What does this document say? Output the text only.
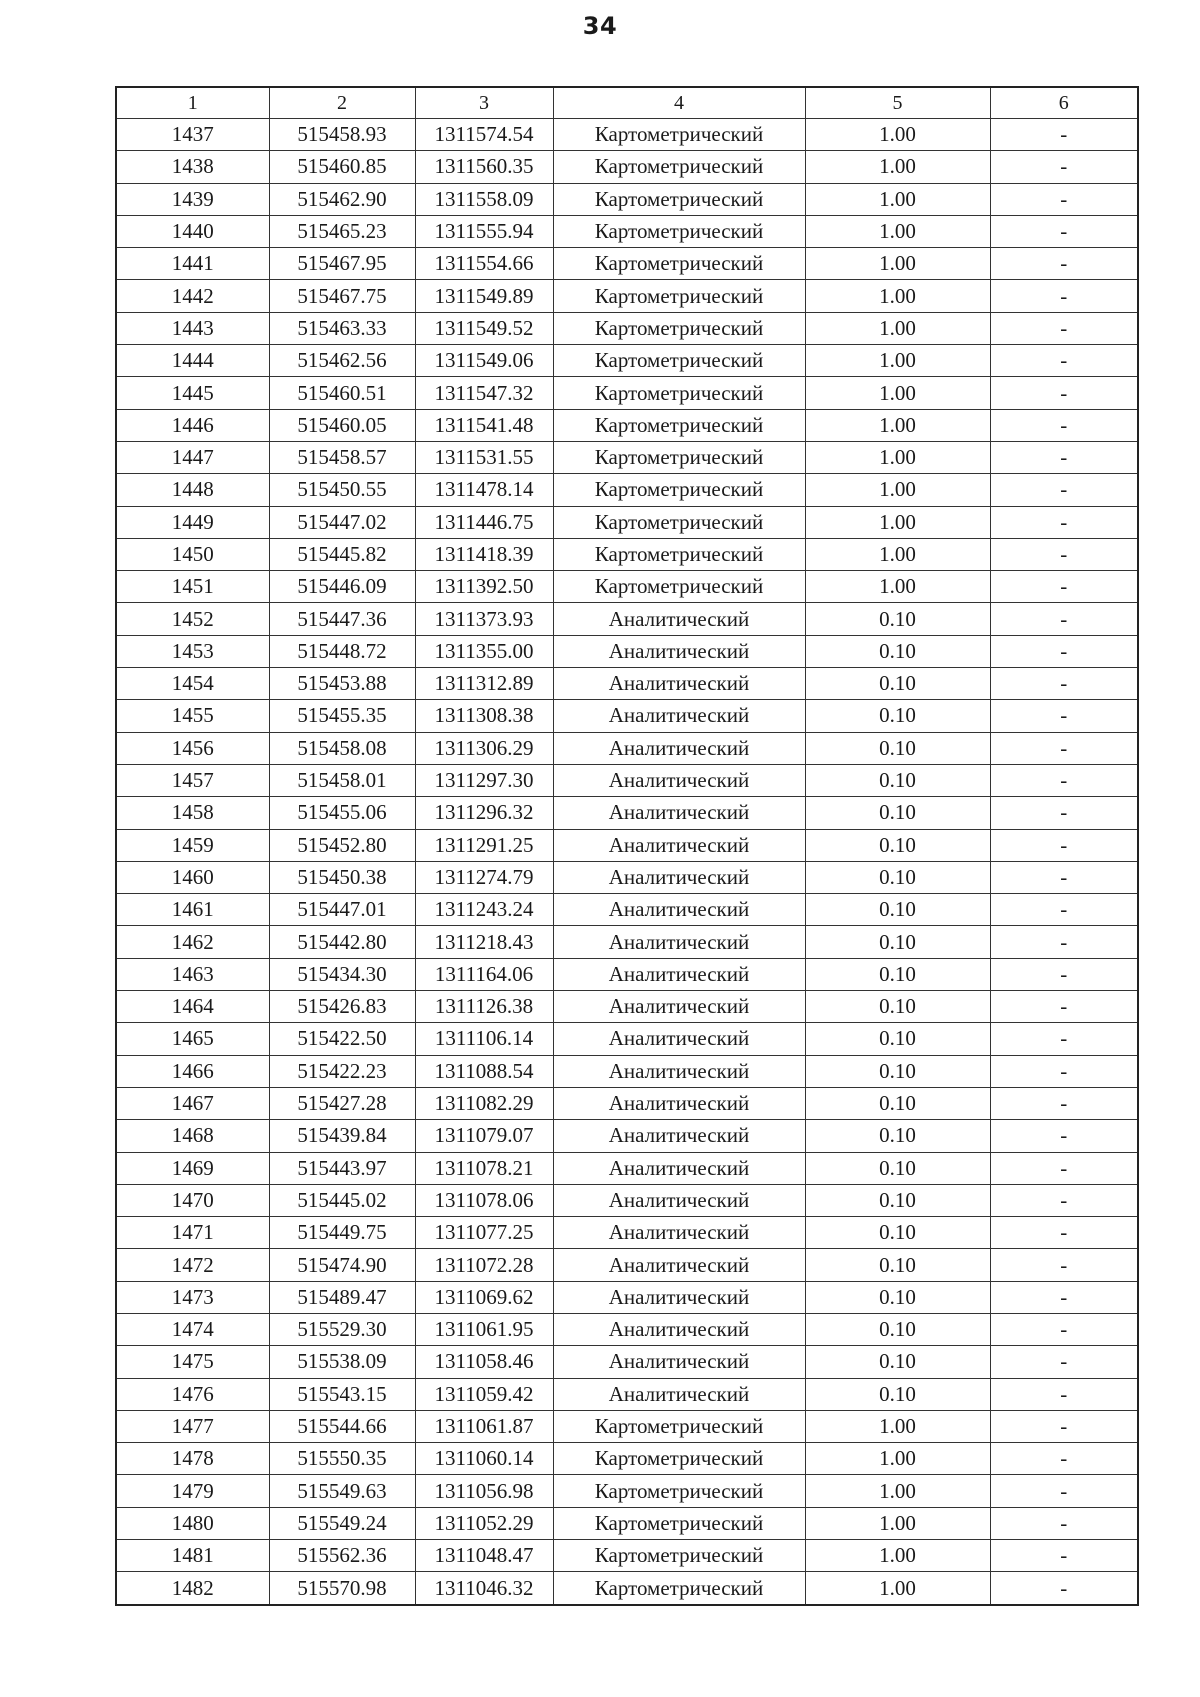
34
1	2	3	4	5	6
1437	515458.93	1311574.54	Картометрический	1.00	-
1438	515460.85	1311560.35	Картометрический	1.00	-
1439	515462.90	1311558.09	Картометрический	1.00	-
1440	515465.23	1311555.94	Картометрический	1.00	-
1441	515467.95	1311554.66	Картометрический	1.00	-
1442	515467.75	1311549.89	Картометрический	1.00	-
1443	515463.33	1311549.52	Картометрический	1.00	-
1444	515462.56	1311549.06	Картометрический	1.00	-
1445	515460.51	1311547.32	Картометрический	1.00	-
1446	515460.05	1311541.48	Картометрический	1.00	-
1447	515458.57	1311531.55	Картометрический	1.00	-
1448	515450.55	1311478.14	Картометрический	1.00	-
1449	515447.02	1311446.75	Картометрический	1.00	-
1450	515445.82	1311418.39	Картометрический	1.00	-
1451	515446.09	1311392.50	Картометрический	1.00	-
1452	515447.36	1311373.93	Аналитический	0.10	-
1453	515448.72	1311355.00	Аналитический	0.10	-
1454	515453.88	1311312.89	Аналитический	0.10	-
1455	515455.35	1311308.38	Аналитический	0.10	-
1456	515458.08	1311306.29	Аналитический	0.10	-
1457	515458.01	1311297.30	Аналитический	0.10	-
1458	515455.06	1311296.32	Аналитический	0.10	-
1459	515452.80	1311291.25	Аналитический	0.10	-
1460	515450.38	1311274.79	Аналитический	0.10	-
1461	515447.01	1311243.24	Аналитический	0.10	-
1462	515442.80	1311218.43	Аналитический	0.10	-
1463	515434.30	1311164.06	Аналитический	0.10	-
1464	515426.83	1311126.38	Аналитический	0.10	-
1465	515422.50	1311106.14	Аналитический	0.10	-
1466	515422.23	1311088.54	Аналитический	0.10	-
1467	515427.28	1311082.29	Аналитический	0.10	-
1468	515439.84	1311079.07	Аналитический	0.10	-
1469	515443.97	1311078.21	Аналитический	0.10	-
1470	515445.02	1311078.06	Аналитический	0.10	-
1471	515449.75	1311077.25	Аналитический	0.10	-
1472	515474.90	1311072.28	Аналитический	0.10	-
1473	515489.47	1311069.62	Аналитический	0.10	-
1474	515529.30	1311061.95	Аналитический	0.10	-
1475	515538.09	1311058.46	Аналитический	0.10	-
1476	515543.15	1311059.42	Аналитический	0.10	-
1477	515544.66	1311061.87	Картометрический	1.00	-
1478	515550.35	1311060.14	Картометрический	1.00	-
1479	515549.63	1311056.98	Картометрический	1.00	-
1480	515549.24	1311052.29	Картометрический	1.00	-
1481	515562.36	1311048.47	Картометрический	1.00	-
1482	515570.98	1311046.32	Картометрический	1.00	-
